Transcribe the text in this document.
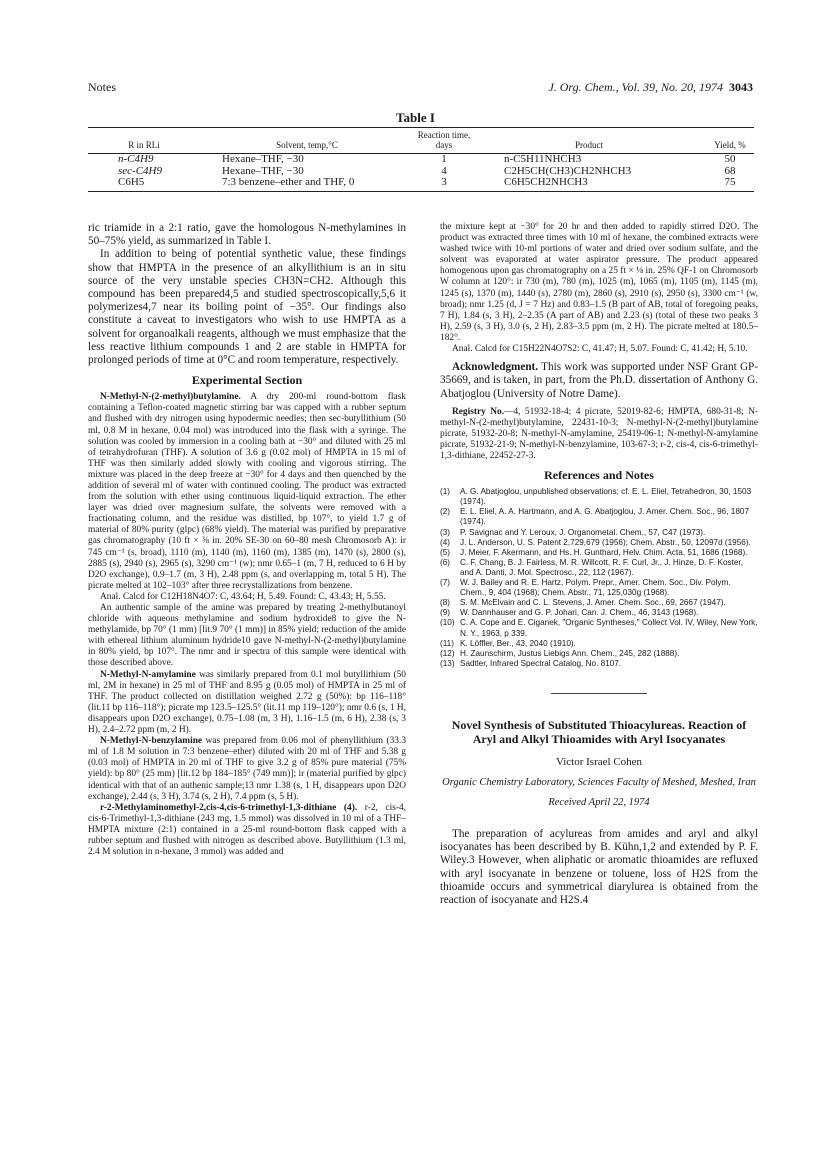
Notes	J. Org. Chem., Vol. 39, No. 20, 1974 3043
Table I
R in RLi	Solvent, temp,°C	Reaction time, days	Product	Yield, %

n-C4H9	Hexane–THF, −30	1	n-C5H11NHCH3	50
sec-C4H9	Hexane–THF, −30	4	C2H5CH(CH3)CH2NHCH3	68
C6H5	7:3 benzene–ether and THF, 0	3	C6H5CH2NHCH3	75

ric triamide in a 2:1 ratio, gave the homologous N-methylamines in 50–75% yield, as summarized in Table I.

In addition to being of potential synthetic value, these findings show that HMPTA in the presence of an alkyllithium is an in situ source of the very unstable species CH3N=CH2. Although this compound has been prepared4,5 and studied spectroscopically,5,6 it polymerizes4,7 near its boiling point of −35°. Our findings also constitute a caveat to investigators who wish to use HMPTA as a solvent for organoalkali reagents, although we must emphasize that the less reactive lithium compounds 1 and 2 are stable in HMPTA for prolonged periods of time at 0°C and room temperature, respectively.

Experimental Section

N-Methyl-N-(2-methyl)butylamine. A dry 200-ml round-bottom flask containing a Teflon-coated magnetic stirring bar was capped with a rubber septum and flushed with dry nitrogen using hypodermic needles; then sec-butyllithium (50 ml, 0.8 M in hexane, 0.04 mol) was introduced into the flask with a syringe. The solution was cooled by immersion in a cooling bath at −30° and diluted with 25 ml of tetrahydrofuran (THF). A solution of 3.6 g (0.02 mol) of HMPTA in 15 ml of THF was then similarly added slowly with cooling and vigorous stirring. The mixture was placed in the deep freeze at −30° for 4 days and then quenched by the addition of several ml of water with continued cooling. The product was extracted from the solution with ether using continuous liquid-liquid extraction. The ether layer was dried over magnesium sulfate, the solvents were removed with a fractionating column, and the residue was distilled, bp 107°, to yield 1.7 g of material of 80% purity (glpc) (68% yield). The material was purified by preparative gas chromatography (10 ft × ⅜ in. 20% SE-30 on 60–80 mesh Chromosorb A): ir 745 cm⁻¹ (s, broad), 1110 (m), 1140 (m), 1160 (m), 1385 (m), 1470 (s), 2800 (s), 2885 (s), 2940 (s), 2965 (s), 3290 cm⁻¹ (w); nmr 0.65–1 (m, 7 H, reduced to 6 H by D2O exchange), 0.9–1.7 (m, 3 H), 2.48 ppm (s, and overlapping m, total 5 H). The picrate melted at 102–103° after three recrystallizations from benzene.

Anal. Calcd for C12H18N4O7: C, 43.64; H, 5.49. Found: C, 43.43; H, 5.55.

An authentic sample of the amine was prepared by treating 2-methylbutanoyl chloride with aqueous methylamine and sodium hydroxide8 to give the N-methylamide, bp 70° (1 mm) [lit.9 70° (1 mm)] in 85% yield; reduction of the amide with ethereal lithium aluminum hydride10 gave N-methyl-N-(2-methyl)butylamine in 80% yield, bp 107°. The nmr and ir spectra of this sample were identical with those described above.

N-Methyl-N-amylamine was similarly prepared from 0.1 mol butyllithium (50 ml, 2M in hexane) in 25 ml of THF and 8.95 g (0.05 mol) of HMPTA in 25 ml of THF. The product collected on distillation weighed 2.72 g (50%): bp 116–118° (lit.11 bp 116–118°); picrate mp 123.5–125.5° (lit.11 mp 119–120°); nmr 0.6 (s, 1 H, disappears upon D2O exchange), 0.75–1.08 (m, 3 H), 1.16–1.5 (m, 6 H), 2.38 (s, 3 H), 2.4–2.72 ppm (m, 2 H).

N-Methyl-N-benzylamine was prepared from 0.06 mol of phenyllithium (33.3 ml of 1.8 M solution in 7:3 benzene–ether) diluted with 20 ml of THF and 5.38 g (0.03 mol) of HMPTA in 20 ml of THF to give 3.2 g of 85% pure material (75% yield): bp 80° (25 mm) [lit.12 bp 184–185° (749 mm)]; ir (material purified by glpc) identical with that of an authenic sample;13 nmr 1.38 (s, 1 H, disappears upon D2O exchange), 2.44 (s, 3 H), 3.74 (s, 2 H), 7.4 ppm (s, 5 H).

r-2-Methylaminomethyl-2,cis-4,cis-6-trimethyl-1,3-dithiane (4). r-2, cis-4, cis-6-Trimethyl-1,3-dithiane (243 mg, 1.5 mmol) was dissolved in 10 ml of a THF–HMPTA mixture (2:1) contained in a 25-ml round-bottom flask capped with a rubber septum and flushed with nitrogen as described above. Butyllithium (1.3 ml, 2.4 M solution in n-hexane, 3 mmol) was added and

the mixture kept at −30° for 20 hr and then added to rapidly stirred D2O. The product was extracted three times with 10 ml of hexane, the combined extracts were washed twice with 10-ml portions of water and dried over sodium sulfate, and the solvent was evaporated at water aspirator pressure. The product appeared homogenous upon gas chromatography on a 25 ft × ⅛ in. 25% QF-1 on Chromosorb W column at 120°: ir 730 (m), 780 (m), 1025 (m), 1065 (m), 1105 (m), 1145 (m), 1245 (s), 1370 (m), 1440 (s), 2780 (m), 2860 (s), 2910 (s), 2950 (s), 3300 cm⁻¹ (w, broad); nmr 1.25 (d, J = 7 Hz) and 0.83–1.5 (B part of AB, total of foregoing peaks, 7 H), 1.84 (s, 3 H), 2–2.35 (A part of AB) and 2.23 (s) (total of these two peaks 3 H), 2.59 (s, 3 H), 3.0 (s, 2 H), 2.83–3.5 ppm (m, 2 H). The picrate melted at 180.5–182°.

Anal. Calcd for C15H22N4O7S2: C, 41.47; H, 5.07. Found: C, 41.42; H, 5.10.

Acknowledgment. This work was supported under NSF Grant GP-35669, and is taken, in part, from the Ph.D. dissertation of Anthony G. Abatjoglou (University of Notre Dame).

Registry No.—4, 51932-18-4; 4 picrate, 52019-82-6; HMPTA, 680-31-8; N-methyl-N-(2-methyl)butylamine, 22431-10-3; N-methyl-N-(2-methyl)butylamine picrate, 51932-20-8; N-methyl-N-amylamine, 25419-06-1; N-methyl-N-amylamine picrate, 51932-21-9; N-methyl-N-benzylamine, 103-67-3; r-2, cis-4, cis-6-trimethyl-1,3-dithiane, 22452-27-3.

References and Notes
(1)	A. G. Abatjoglou, unpublished observations; cf. E. L. Eliel, Tetrahedron, 30, 1503 (1974).
(2)	E. L. Eliel, A. A. Hartmann, and A. G. Abatjoglou, J. Amer. Chem. Soc., 96, 1807 (1974).
(3)	P. Savignac and Y. Leroux, J. Organometal. Chem., 57, C47 (1973).
(4)	J. L. Anderson, U. S. Patent 2,729,679 (1956); Chem. Abstr., 50, 12097d (1956).
(5)	J. Meier, F. Akermann, and Hs. H. Gunthard, Helv. Chim. Acta, 51, 1686 (1968).
(6)	C. F. Chang, B. J. Fairless, M. R. Willcott, R. F. Curl, Jr., J. Hinze, D. F. Koster, and A. Danti, J. Mol. Spectrosc., 22, 112 (1967).
(7)	W. J. Bailey and R. E. Hartz, Polym. Prepr., Amer. Chem. Soc., Div. Polym. Chem., 9, 404 (1968); Chem. Abstr., 71, 125,030g (1968).
(8)	S. M. McElvain and C. L. Stevens, J. Amer. Chem. Soc., 69, 2667 (1947).
(9)	W. Dannhauser and G. P. Johari, Can. J. Chem., 46, 3143 (1968).
(10) C. A. Cope and E. Ciganek, "Organic Syntheses," Collect Vol. IV, Wiley, New York, N. Y., 1963, p 339.
(11) K. Löffler, Ber., 43, 2040 (1910).
(12) H. Zaunschirm, Justus Liebigs Ann. Chem., 245, 282 (1888).
(13) Sadtler, Infrared Spectral Catalog, No. 8107.
Novel Synthesis of Substituted Thioacylureas. Reaction of Aryl and Alkyl Thioamides with Aryl Isocyanates
Victor Israel Cohen
Organic Chemistry Laboratory, Sciences Faculty of Meshed, Meshed, Iran
Received April 22, 1974

The preparation of acylureas from amides and aryl and alkyl isocyanates has been described by B. Kühn,1,2 and extended by P. F. Wiley.3 However, when aliphatic or aromatic thioamides are refluxed with aryl isocyanate in benzene or toluene, loss of H2S from the thioamide occurs and symmetrical diarylurea is obtained from the reaction of isocyanate and H2S.4
